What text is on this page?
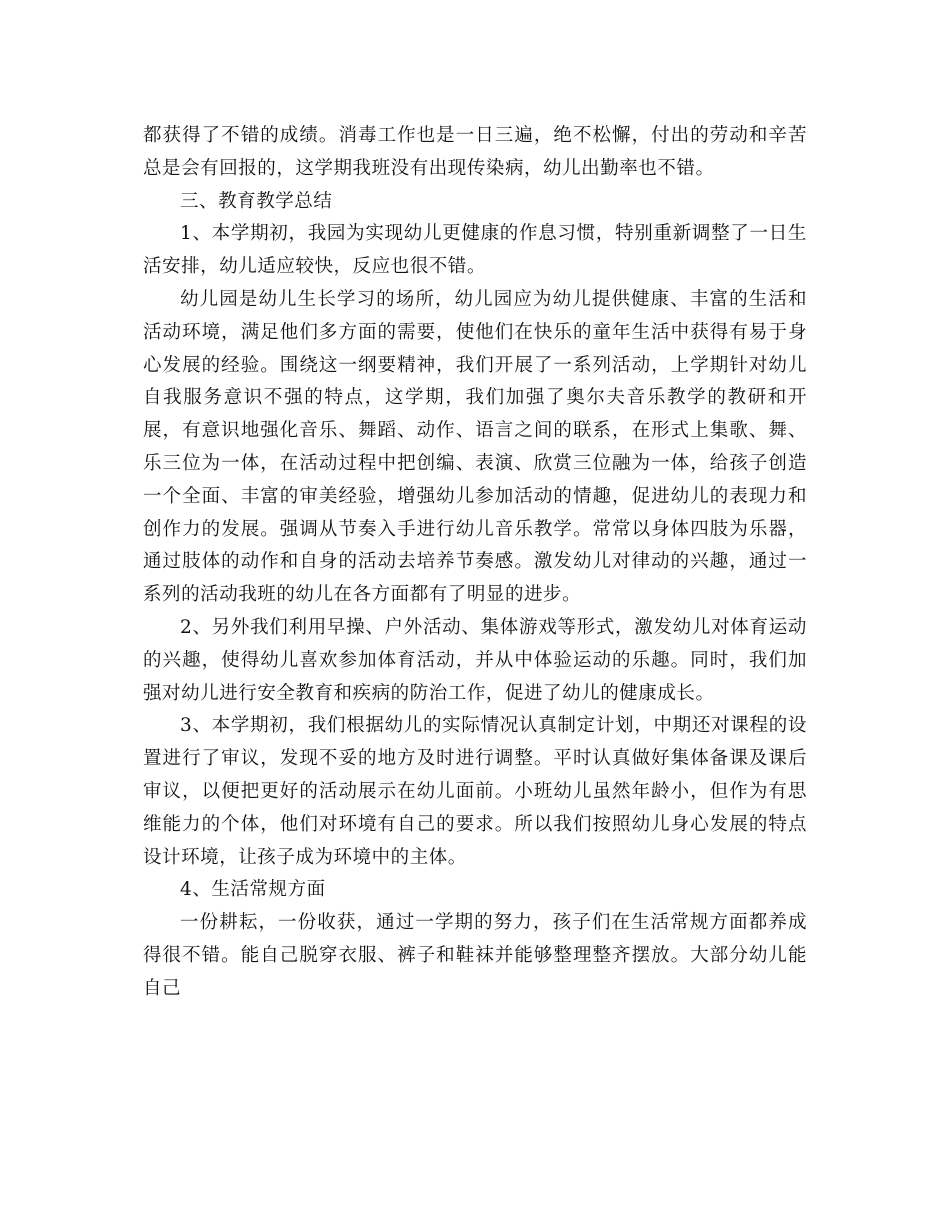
都获得了不错的成绩。消毒工作也是一日三遍，绝不松懈，付出的劳动和辛苦总是会有回报的，这学期我班没有出现传染病，幼儿出勤率也不错。

三、教育教学总结

1、本学期初，我园为实现幼儿更健康的作息习惯，特别重新调整了一日生活安排，幼儿适应较快，反应也很不错。

幼儿园是幼儿生长学习的场所，幼儿园应为幼儿提供健康、丰富的生活和活动环境，满足他们多方面的需要，使他们在快乐的童年生活中获得有易于身心发展的经验。围绕这一纲要精神，我们开展了一系列活动，上学期针对幼儿自我服务意识不强的特点，这学期，我们加强了奥尔夫音乐教学的教研和开展，有意识地强化音乐、舞蹈、动作、语言之间的联系，在形式上集歌、舞、乐三位为一体，在活动过程中把创编、表演、欣赏三位融为一体，给孩子创造一个全面、丰富的审美经验，增强幼儿参加活动的情趣，促进幼儿的表现力和创作力的发展。强调从节奏入手进行幼儿音乐教学。常常以身体四肢为乐器，通过肢体的动作和自身的活动去培养节奏感。激发幼儿对律动的兴趣，通过一系列的活动我班的幼儿在各方面都有了明显的进步。

2、另外我们利用早操、户外活动、集体游戏等形式，激发幼儿对体育运动的兴趣，使得幼儿喜欢参加体育活动，并从中体验运动的乐趣。同时，我们加强对幼儿进行安全教育和疾病的防治工作，促进了幼儿的健康成长。

3、本学期初，我们根据幼儿的实际情况认真制定计划，中期还对课程的设置进行了审议，发现不妥的地方及时进行调整。平时认真做好集体备课及课后审议，以便把更好的活动展示在幼儿面前。小班幼儿虽然年龄小，但作为有思维能力的个体，他们对环境有自己的要求。所以我们按照幼儿身心发展的特点设计环境，让孩子成为环境中的主体。

4、生活常规方面

一份耕耘，一份收获，通过一学期的努力，孩子们在生活常规方面都养成得很不错。能自己脱穿衣服、裤子和鞋袜并能够整理整齐摆放。大部分幼儿能自己
